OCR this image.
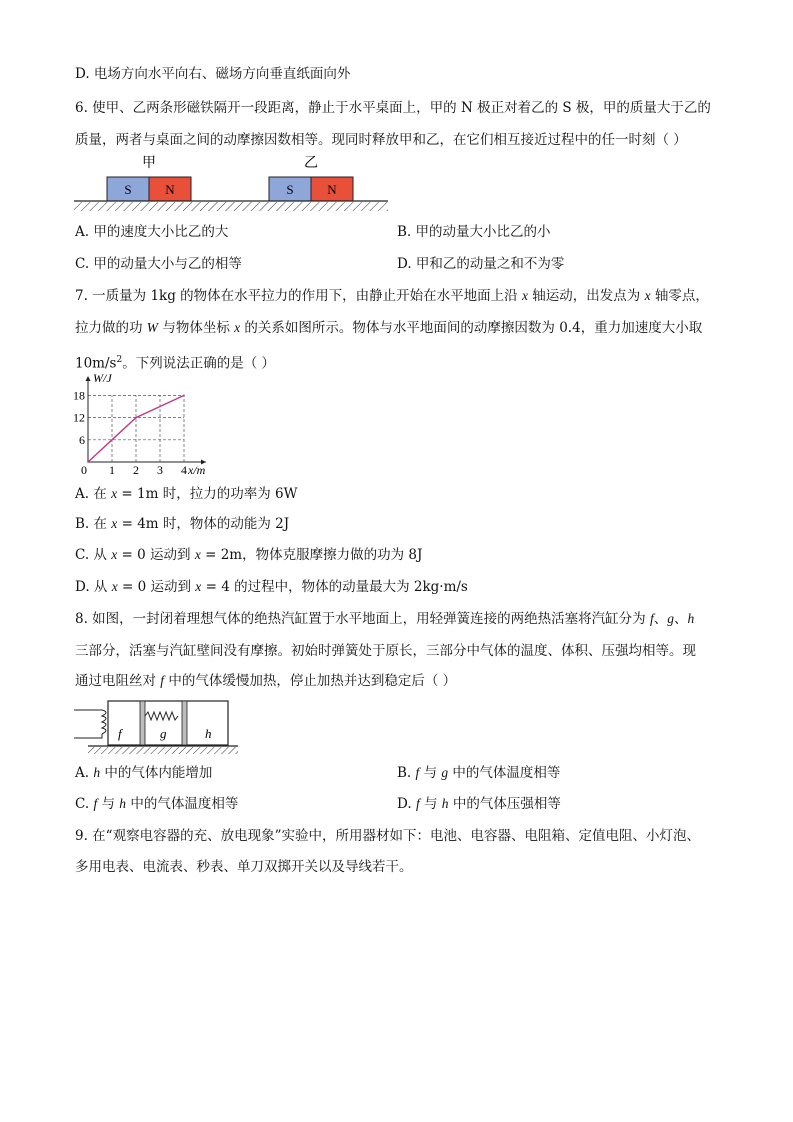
D. 电场方向水平向右、磁场方向垂直纸面向外
6. 使甲、乙两条形磁铁隔开一段距离，静止于水平桌面上，甲的 N 极正对着乙的 S 极，甲的质量大于乙的
质量，两者与桌面之间的动摩擦因数相等。现同时释放甲和乙，在它们相互接近过程中的任一时刻（ ）
甲	乙
S	N	S	N
A. 甲的速度大小比乙的大	B. 甲的动量大小比乙的小
C. 甲的动量大小与乙的相等	D. 甲和乙的动量之和不为零
7. 一质量为 1kg 的物体在水平拉力的作用下，由静止开始在水平地面上沿 x 轴运动，出发点为 x 轴零点，
拉力做的功 W 与物体坐标 x 的关系如图所示。物体与水平地面间的动摩擦因数为 0.4，重力加速度大小取
$10m/s^2$。下列说法正确的是（ ）
0 1 2 3 4
6
12
18
W/J
x/m
A. 在 x = 1m 时，拉力的功率为 6W
B. 在 x = 4m 时，物体的动能为 2J
C. 从 x = 0 运动到 x = 2m，物体克服摩擦力做的功为 8J
D. 从 x = 0 运动到 x = 4 的过程中，物体的动量最大为 2kg·m/s
8. 如图，一封闭着理想气体的绝热汽缸置于水平地面上，用轻弹簧连接的两绝热活塞将汽缸分为 f、g、h
三部分，活塞与汽缸壁间没有摩擦。初始时弹簧处于原长，三部分中气体的温度、体积、压强均相等。现
通过电阻丝对 f 中的气体缓慢加热，停止加热并达到稳定后（ ）
f	g	h
A. h 中的气体内能增加	B. f 与 g 中的气体温度相等
C. f 与 h 中的气体温度相等	D. f 与 h 中的气体压强相等
9. 在“观察电容器的充、放电现象”实验中，所用器材如下：电池、电容器、电阻箱、定值电阻、小灯泡、
多用电表、电流表、秒表、单刀双掷开关以及导线若干。
